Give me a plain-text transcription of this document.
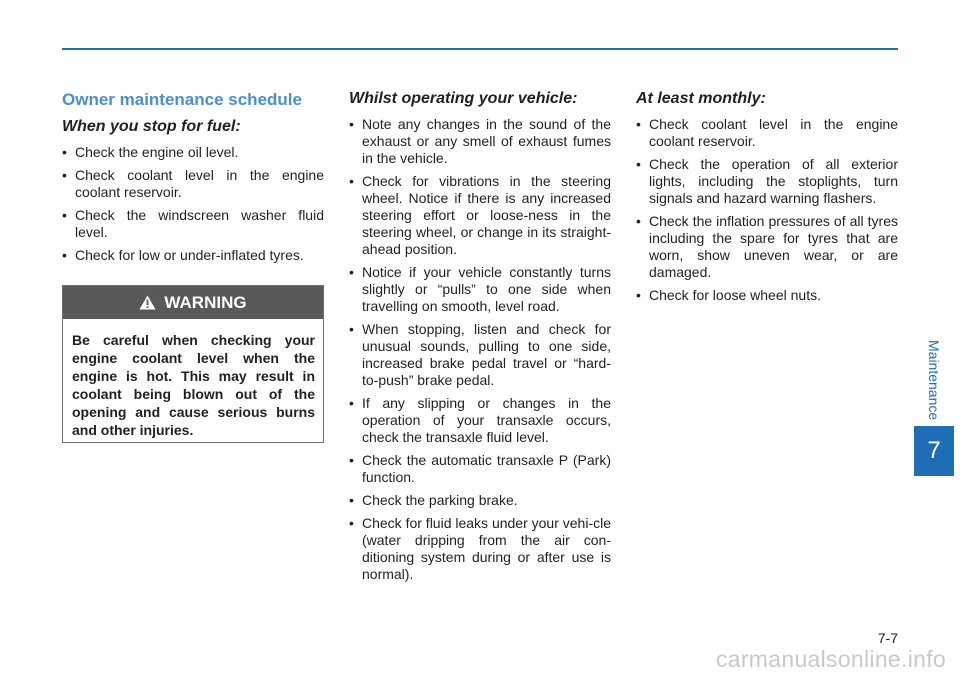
Owner maintenance schedule
When you stop for fuel:
• Check the engine oil level.
• Check coolant level in the engine coolant reservoir.
• Check the windscreen washer fluid level.
• Check for low or under-inflated tyres.
WARNING
Be careful when checking your engine coolant level when the engine is hot. This may result in coolant being blown out of the opening and cause serious burns and other injuries.
Whilst operating your vehicle:
• Note any changes in the sound of the exhaust or any smell of exhaust fumes in the vehicle.
• Check for vibrations in the steering wheel. Notice if there is any increased steering effort or loose-ness in the steering wheel, or change in its straight-ahead position.
• Notice if your vehicle constantly turns slightly or “pulls” to one side when travelling on smooth, level road.
• When stopping, listen and check for unusual sounds, pulling to one side, increased brake pedal travel or “hard-to-push” brake pedal.
• If any slipping or changes in the operation of your transaxle occurs, check the transaxle fluid level.
• Check the automatic transaxle P (Park) function.
• Check the parking brake.
• Check for fluid leaks under your vehi-cle (water dripping from the air con-ditioning system during or after use is normal).
At least monthly:
• Check coolant level in the engine coolant reservoir.
• Check the operation of all exterior lights, including the stoplights, turn signals and hazard warning flashers.
• Check the inflation pressures of all tyres including the spare for tyres that are worn, show uneven wear, or are damaged.
• Check for loose wheel nuts.
Maintenance
7
7-7
carmanualsonline.info
